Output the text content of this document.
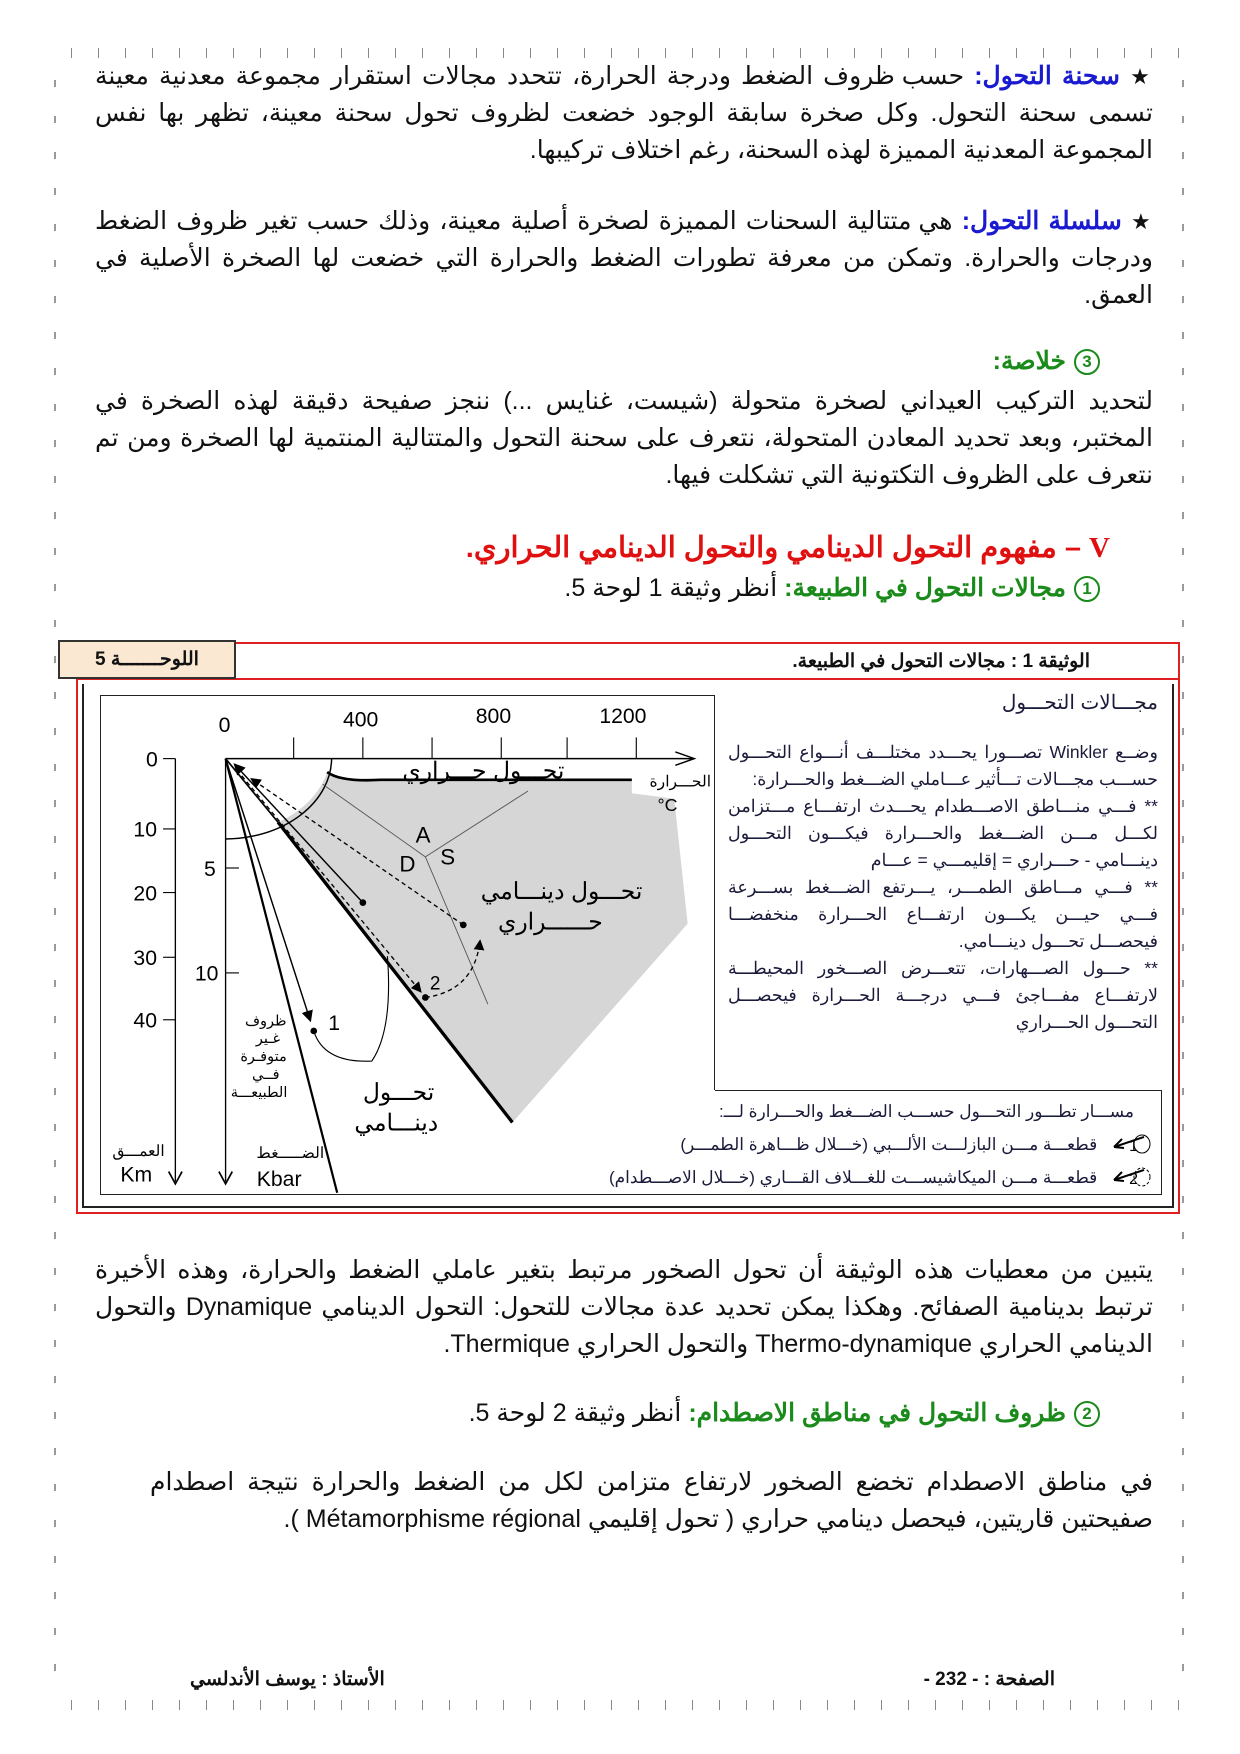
★ سحنة التحول: حسب ظروف الضغط ودرجة الحرارة، تتحدد مجالات استقرار مجموعة معدنية معينة تسمى سحنة التحول. وكل صخرة سابقة الوجود خضعت لظروف تحول سحنة معينة، تظهر بها نفس المجموعة المعدنية المميزة لهذه السحنة، رغم اختلاف تركيبها.
★ سلسلة التحول: هي متتالية السحنات المميزة لصخرة أصلية معينة، وذلك حسب تغير ظروف الضغط ودرجات والحرارة. وتمكن من معرفة تطورات الضغط والحرارة التي خضعت لها الصخرة الأصلية في العمق.
3خلاصة:
لتحديد التركيب العيداني لصخرة متحولة (شيست، غنايس ...) ننجز صفيحة دقيقة لهذه الصخرة في المختبر، وبعد تحديد المعادن المتحولة، نتعرف على سحنة التحول والمتتالية المنتمية لها الصخرة ومن تم نتعرف على الظروف التكتونية التي تشكلت فيها.
V – مفهوم التحول الدينامي والتحول الدينامي الحراري.
1مجالات التحول في الطبيعة: أنظر وثيقة 1 لوحة 5.
الوثيقة 1 : مجالات التحول في الطبيعة.
اللوحـــــــة 5
0	400	800	1200
الحـــرارة
°C
0
10
20
30
40
العمـــق
Km
5
10
الضـــــغط
Kbar
A
D S
1
2
تحـــول حـــراري
تحـــول دينـــامي
حــــــراري
تحـــول
دينـــامي
ظروف
غـير
متوفـرة
فــي
الطبيعـــة
مجـــالات التحـــول
وضــع Winkler تصـــورا يحـــدد مختلـــف أنـــواع التحـــول حســـب مجـــالات تـــأثير عـــاملي الضـــغط والحـــرارة:
** فـــي منـــاطق الاصـــطدام يحـــدث ارتفـــاع مـــتزامن لكـــل مـــن الضـــغط والحـــرارة فيكـــون التحـــول دينـــامي - حـــراري = إقليمـــي = عـــام
** فـــي مـــاطق الطمـــر، يـــرتفع الضـــغط بســـرعة فـــي حيـــن يكـــون ارتفـــاع الحـــرارة منخفضـــا فيحصـــل تحـــول دينـــامي.
** حـــول الصـــهارات، تتعـــرض الصـــخور المحيطـــة لارتفـــاع مفـــاجئ فـــي درجـــة الحـــرارة فيحصـــل التحـــول الحـــراري
مســـار تطـــور التحـــول حســـب الضـــغط والحـــرارة لـــ:
1
قطعـــة مـــن البازلـــت الألـــبي (خـــلال ظـــاهرة الطمـــر)
2
قطعـــة مـــن الميكاشيســـت للغـــلاف القـــاري (خـــلال الاصـــطدام)
يتبين من معطيات هذه الوثيقة أن تحول الصخور مرتبط بتغير عاملي الضغط والحرارة، وهذه الأخيرة ترتبط بدينامية الصفائح. وهكذا يمكن تحديد عدة مجالات للتحول: التحول الدينامي Dynamique والتحول الدينامي الحراري Thermo-dynamique والتحول الحراري Thermique.
2ظروف التحول في مناطق الاصطدام: أنظر وثيقة 2 لوحة 5.
في مناطق الاصطدام تخضع الصخور لارتفاع متزامن لكل من الضغط والحرارة نتيجة اصطدام صفيحتين قاريتين، فيحصل دينامي حراري ( تحول إقليمي Métamorphisme régional ).
الصفحة : - 232 -
الأستاذ : يوسف الأندلسي
